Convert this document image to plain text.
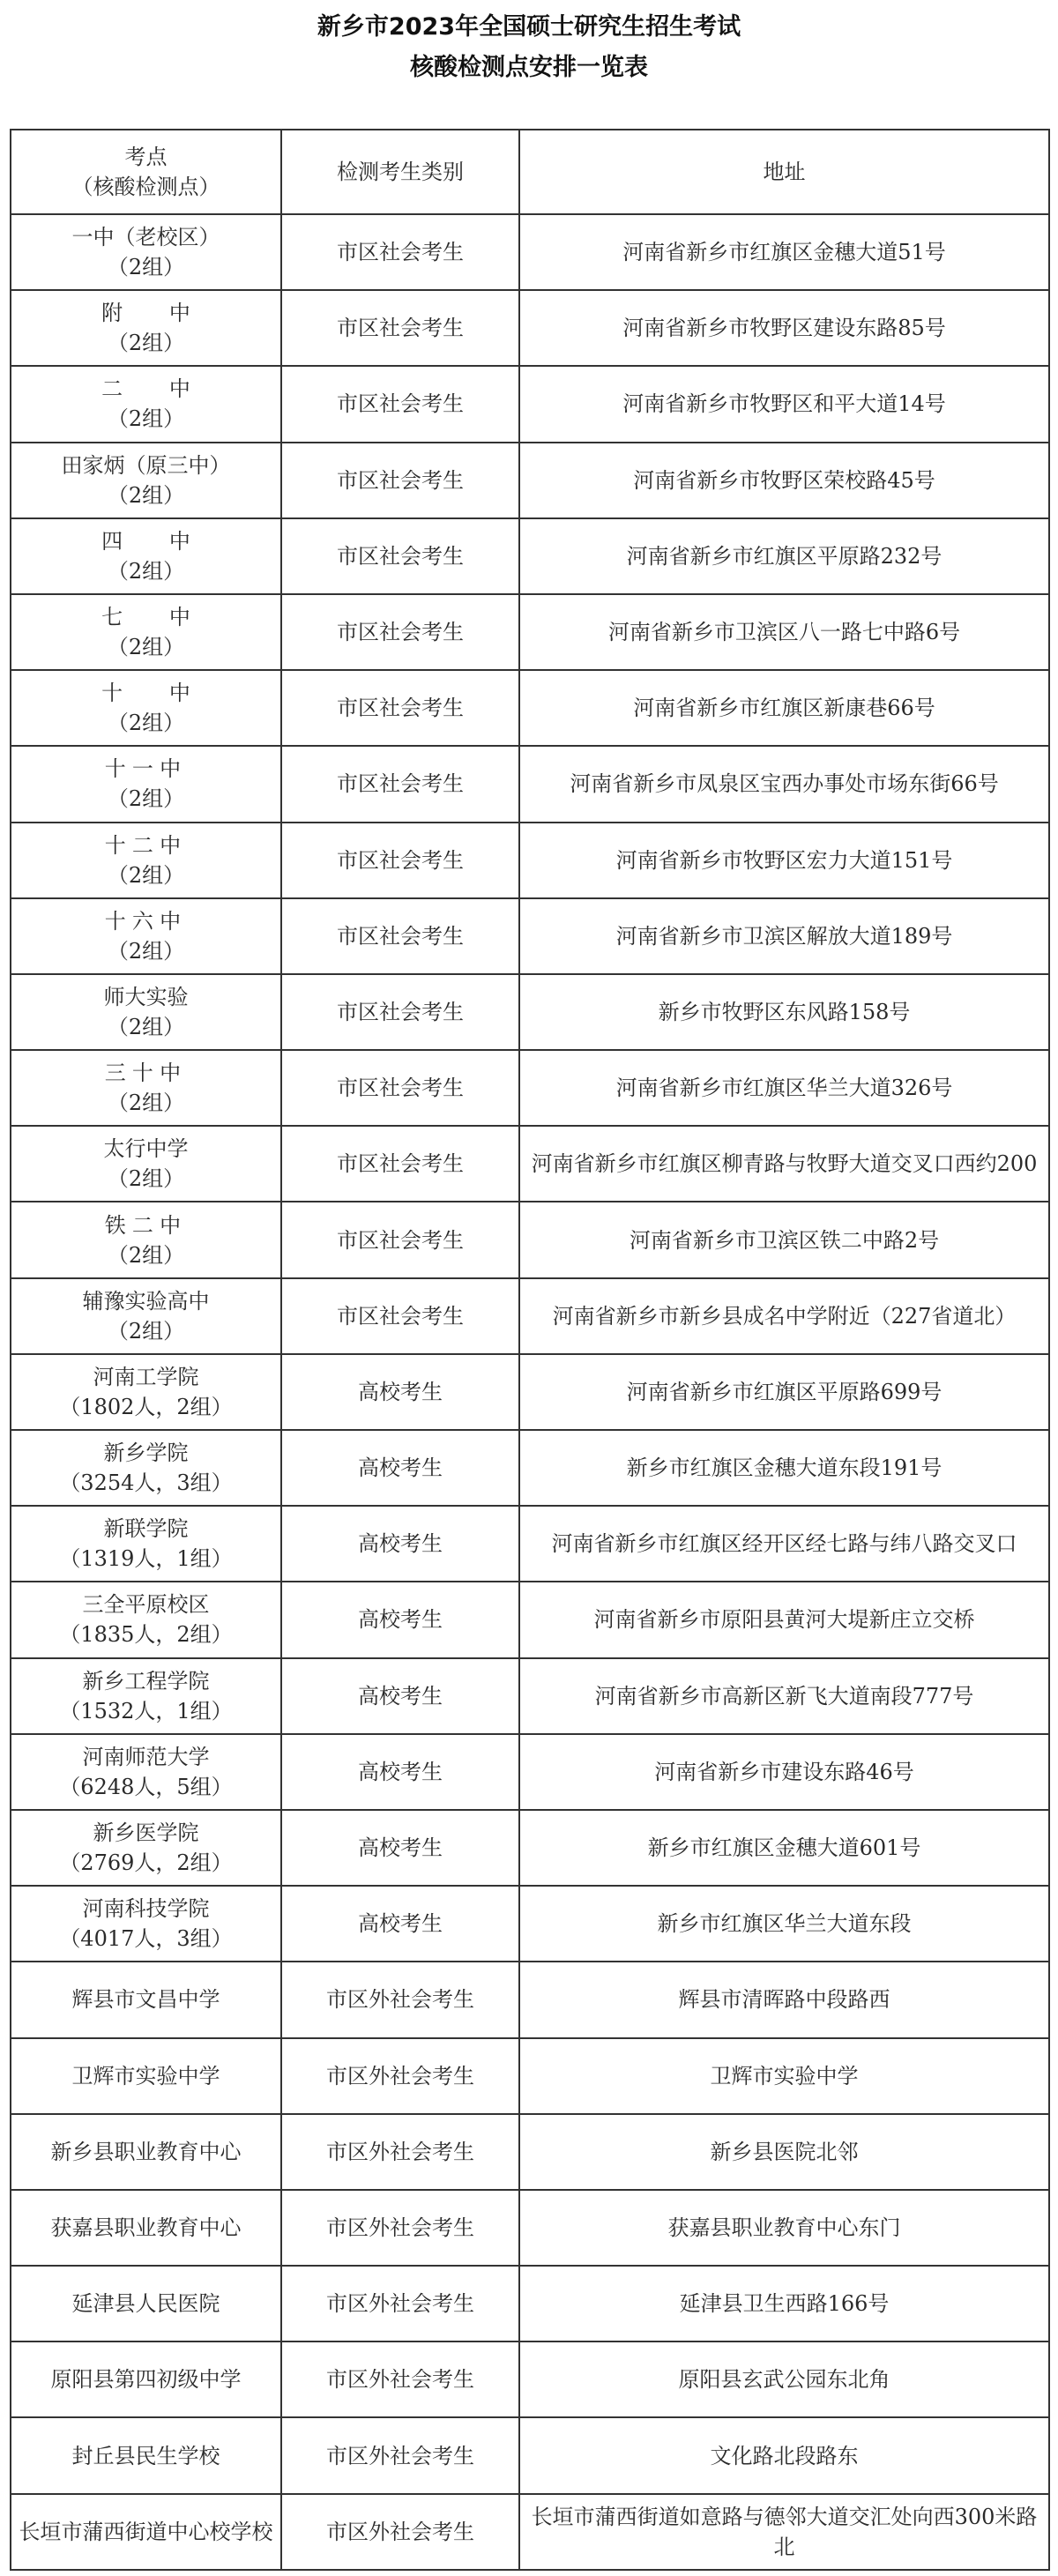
新乡市2023年全国硕士研究生招生考试
核酸检测点安排一览表
考点
（核酸检测点）	检测考生类别	地址

一中（老校区）
（2组）	市区社会考生	河南省新乡市红旗区金穗大道51号

附中
（2组）	市区社会考生	河南省新乡市牧野区建设东路85号

二中
（2组）	市区社会考生	河南省新乡市牧野区和平大道14号

田家炳（原三中）
（2组）	市区社会考生	河南省新乡市牧野区荣校路45号

四中
（2组）	市区社会考生	河南省新乡市红旗区平原路232号

七中
（2组）	市区社会考生	河南省新乡市卫滨区八一路七中路6号

十中
（2组）	市区社会考生	河南省新乡市红旗区新康巷66号

十一中
（2组）	市区社会考生	河南省新乡市凤泉区宝西办事处市场东街66号

十二中
（2组）	市区社会考生	河南省新乡市牧野区宏力大道151号

十六中
（2组）	市区社会考生	河南省新乡市卫滨区解放大道189号

师大实验
（2组）	市区社会考生	新乡市牧野区东风路158号

三十中
（2组）	市区社会考生	河南省新乡市红旗区华兰大道326号

太行中学
（2组）	市区社会考生	河南省新乡市红旗区柳青路与牧野大道交叉口西约200

铁二中
（2组）	市区社会考生	河南省新乡市卫滨区铁二中路2号

辅豫实验高中
（2组）	市区社会考生	河南省新乡市新乡县成名中学附近（227省道北）

河南工学院
（1802人，2组）	高校考生	河南省新乡市红旗区平原路699号

新乡学院
（3254人，3组）	高校考生	新乡市红旗区金穗大道东段191号

新联学院
（1319人，1组）	高校考生	河南省新乡市红旗区经开区经七路与纬八路交叉口

三全平原校区
（1835人，2组）	高校考生	河南省新乡市原阳县黄河大堤新庄立交桥

新乡工程学院
（1532人，1组）	高校考生	河南省新乡市高新区新飞大道南段777号

河南师范大学
（6248人，5组）	高校考生	河南省新乡市建设东路46号

新乡医学院
（2769人，2组）	高校考生	新乡市红旗区金穗大道601号

河南科技学院
（4017人，3组）	高校考生	新乡市红旗区华兰大道东段

辉县市文昌中学	市区外社会考生	辉县市清晖路中段路西

卫辉市实验中学	市区外社会考生	卫辉市实验中学

新乡县职业教育中心	市区外社会考生	新乡县医院北邻

获嘉县职业教育中心	市区外社会考生	获嘉县职业教育中心东门

延津县人民医院	市区外社会考生	延津县卫生西路166号

原阳县第四初级中学	市区外社会考生	原阳县玄武公园东北角

封丘县民生学校	市区外社会考生	文化路北段路东

长垣市蒲西街道中心校学校	市区外社会考生	长垣市蒲西街道如意路与德邻大道交汇处向西300米路北
